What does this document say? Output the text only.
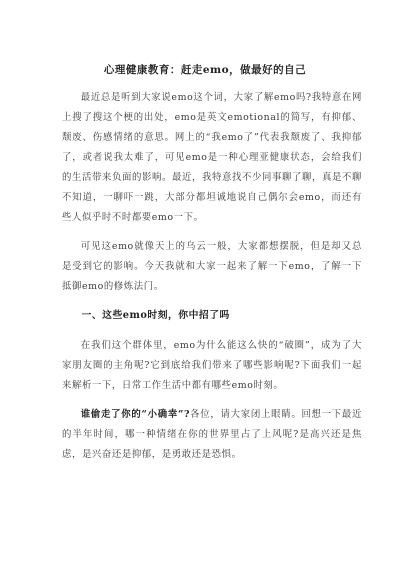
心理健康教育：赶走emo，做最好的自己

最近总是听到大家说emo这个词，大家了解emo吗?我特意在网上搜了搜这个梗的出处，emo是英文emotional的简写，有抑郁、颓废、伤感情绪的意思。网上的“我emo了”代表我颓废了、我抑郁了，或者说我太难了，可见emo是一种心理亚健康状态，会给我们的生活带来负面的影响。最近，我特意找不少同事聊了聊，真是不聊不知道，一聊吓一跳，大部分都坦诚地说自己偶尔会emo，而还有些人似乎时不时都要emo一下。

可见这emo就像天上的乌云一般，大家都想摆脱，但是却又总是受到它的影响。今天我就和大家一起来了解一下emo，了解一下抵御emo的修炼法门。

一、这些emo时刻，你中招了吗

在我们这个群体里，emo为什么能这么快的“破圈”，成为了大家朋友圈的主角呢?它到底给我们带来了哪些影响呢?下面我们一起来解析一下，日常工作生活中都有哪些emo时刻。

谁偷走了你的“小确幸”?各位，请大家闭上眼睛。回想一下最近的半年时间，哪一种情绪在你的世界里占了上风呢?是高兴还是焦虑，是兴奋还是抑郁，是勇敢还是恐惧。
